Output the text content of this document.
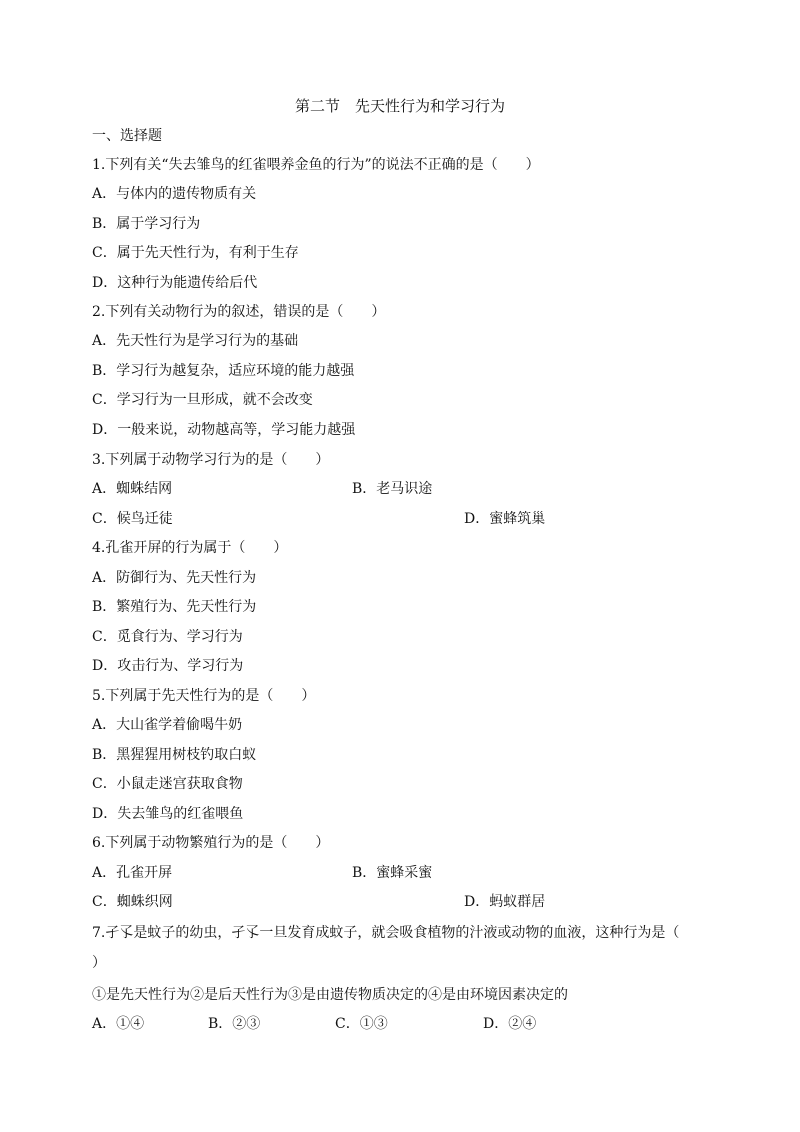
第二节　先天性行为和学习行为
一、选择题
1.下列有关“失去雏鸟的红雀喂养金鱼的行为”的说法不正确的是（　　）
A．与体内的遗传物质有关
B．属于学习行为
C．属于先天性行为，有利于生存
D．这种行为能遗传给后代
2.下列有关动物行为的叙述，错误的是（　　）
A．先天性行为是学习行为的基础
B．学习行为越复杂，适应环境的能力越强
C．学习行为一旦形成，就不会改变
D．一般来说，动物越高等，学习能力越强
3.下列属于动物学习行为的是（　　）
A．蜘蛛结网	B．老马识途
C．候鸟迁徒	D．蜜蜂筑巢
4.孔雀开屏的行为属于（　　）
A．防御行为、先天性行为
B．繁殖行为、先天性行为
C．觅食行为、学习行为
D．攻击行为、学习行为
5.下列属于先天性行为的是（　　）
A．大山雀学着偷喝牛奶
B．黑猩猩用树枝钓取白蚁
C．小鼠走迷宫获取食物
D．失去雏鸟的红雀喂鱼
6.下列属于动物繁殖行为的是（　　）
A．孔雀开屏	B．蜜蜂采蜜
C．蜘蛛织网	D．蚂蚁群居
7.孑孓是蚊子的幼虫，孑孓一旦发育成蚊子，就会吸食植物的汁液或动物的血液，这种行为是（
）
①是先天性行为②是后天性行为③是由遗传物质决定的④是由环境因素决定的
A．①④	B．②③	C．①③	D．②④
